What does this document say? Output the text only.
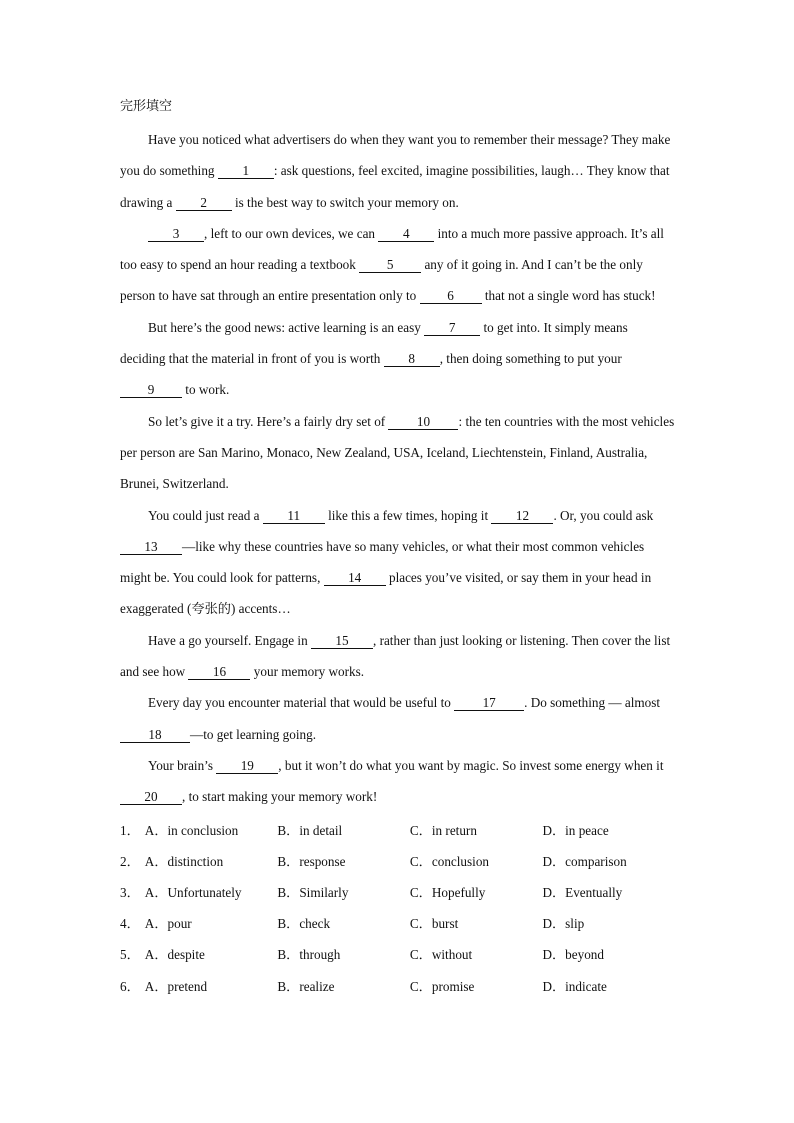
完形填空

Have you noticed what advertisers do when they want you to remember their message? They make you do something 1 : ask questions, feel excited, imagine possibilities, laugh… They know that drawing a 2 is the best way to switch your memory on.

3 , left to our own devices, we can 4 into a much more passive approach. It’s all too easy to spend an hour reading a textbook 5 any of it going in. And I can’t be the only person to have sat through an entire presentation only to 6 that not a single word has stuck!

But here’s the good news: active learning is an easy 7 to get into. It simply means deciding that the material in front of you is worth 8 , then doing something to put your 9 to work.

So let’s give it a try. Here’s a fairly dry set of 10 : the ten countries with the most vehicles per person are San Marino, Monaco, New Zealand, USA, Iceland, Liechtenstein, Finland, Australia, Brunei, Switzerland.

You could just read a 11 like this a few times, hoping it 12 . Or, you could ask 13 —like why these countries have so many vehicles, or what their most common vehicles might be. You could look for patterns, 14 places you’ve visited, or say them in your head in exaggerated (夸张的) accents…

Have a go yourself. Engage in 15 , rather than just looking or listening. Then cover the list and see how 16 your memory works.

Every day you encounter material that would be useful to 17 . Do something — almost 18 —to get learning going.

Your brain’s 19 , but it won’t do what you want by magic. So invest some energy when it 20 , to start making your memory work!

1． A．in conclusion	B．in detail	C．in return	D．in peace
2． A．distinction	B．response	C．conclusion	D．comparison
3． A．Unfortunately	B．Similarly	C．Hopefully	D．Eventually
4． A．pour	B．check	C．burst	D．slip
5． A．despite	B．through	C．without	D．beyond
6． A．pretend	B．realize	C．promise	D．indicate
